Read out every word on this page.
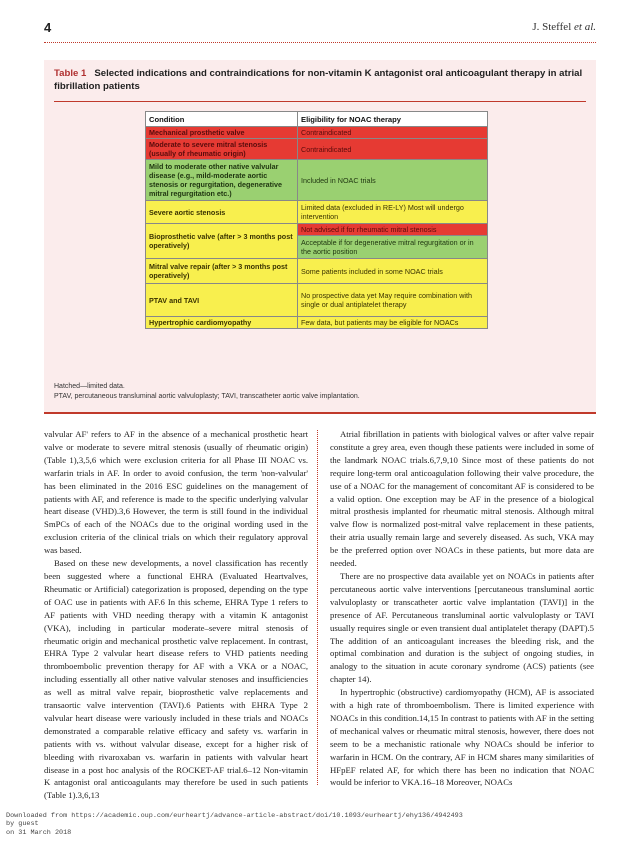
4	J. Steffel et al.
Table 1 Selected indications and contraindications for non-vitamin K antagonist oral anticoagulant therapy in atrial fibrillation patients
Condition	Eligibility for NOAC therapy
Mechanical prosthetic valve	Contraindicated
Moderate to severe mitral stenosis (usually of rheumatic origin)	Contraindicated
Mild to moderate other native valvular disease (e.g., mild-moderate aortic stenosis or regurgitation, degenerative mitral regurgitation etc.)	Included in NOAC trials
Severe aortic stenosis	Limited data (excluded in RE-LY) Most will undergo intervention
Bioprosthetic valve (after > 3 months post operatively)	Not advised if for rheumatic mitral stenosis
	Acceptable if for degenerative mitral regurgitation or in the aortic position
Mitral valve repair (after > 3 months post operatively)	Some patients included in some NOAC trials
PTAV and TAVI	No prospective data yet May require combination with single or dual antiplatelet therapy
Hypertrophic cardiomyopathy	Few data, but patients may be eligible for NOACs
Hatched—limited data.
PTAV, percutaneous transluminal aortic valvuloplasty; TAVI, transcatheter aortic valve implantation.

valvular AF' refers to AF in the absence of a mechanical prosthetic heart valve or moderate to severe mitral stenosis (usually of rheumatic origin) (Table 1),3,5,6 which were exclusion criteria for all Phase III NOAC vs. warfarin trials in AF. In order to avoid confusion, the term 'non-valvular' has been eliminated in the 2016 ESC guidelines on the management of patients with AF, and reference is made to the specific underlying valvular heart disease (VHD).3,6 However, the term is still found in the individual SmPCs of each of the NOACs due to the original wording used in the exclusion criteria of the clinical trials on which their regulatory approval was based.

Based on these new developments, a novel classification has recently been suggested where a functional EHRA (Evaluated Heartvalves, Rheumatic or Artificial) categorization is proposed, depending on the type of OAC use in patients with AF.6 In this scheme, EHRA Type 1 refers to AF patients with VHD needing therapy with a vitamin K antagonist (VKA), including in particular moderate–severe mitral stenosis of rheumatic origin and mechanical prosthetic valve replacement. In contrast, EHRA Type 2 valvular heart disease refers to VHD patients needing thromboembolic prevention therapy for AF with a VKA or a NOAC, including essentially all other native valvular stenoses and insufficiencies as well as mitral valve repair, bioprosthetic valve replacements and transaortic valve intervention (TAVI).6 Patients with EHRA Type 2 valvular heart disease were variously included in these trials and NOACs demonstrated a comparable relative efficacy and safety vs. warfarin in patients with vs. without valvular disease, except for a higher risk of bleeding with rivaroxaban vs. warfarin in patients with valvular heart disease in a post hoc analysis of the ROCKET-AF trial.6–12 Non-vitamin K antagonist oral anticoagulants may therefore be used in such patients (Table 1).3,6,13

Atrial fibrillation in patients with biological valves or after valve repair constitute a grey area, even though these patients were included in some of the landmark NOAC trials.6,7,9,10 Since most of these patients do not require long-term oral anticoagulation following their valve procedure, the use of a NOAC for the management of concomitant AF is considered to be a valid option. One exception may be AF in the presence of a biological mitral prosthesis implanted for rheumatic mitral stenosis. Although mitral valve flow is normalized post-mitral valve replacement in these patients, their atria usually remain large and severely diseased. As such, VKA may be the preferred option over NOACs in these patients, but more data are needed.

There are no prospective data available yet on NOACs in patients after percutaneous aortic valve interventions [percutaneous transluminal aortic valvuloplasty or transcatheter aortic valve implantation (TAVI)] in the presence of AF. Percutaneous transluminal aortic valvuloplasty or TAVI usually requires single or even transient dual antiplatelet therapy (DAPT).5 The addition of an anticoagulant increases the bleeding risk, and the optimal combination and duration is the subject of ongoing studies, in analogy to the situation in acute coronary syndrome (ACS) patients (see chapter 14).

In hypertrophic (obstructive) cardiomyopathy (HCM), AF is associated with a high rate of thromboembolism. There is limited experience with NOACs in this condition.14,15 In contrast to patients with AF in the setting of mechanical valves or rheumatic mitral stenosis, however, there does not seem to be a mechanistic rationale why NOACs should be inferior to warfarin in HCM. On the contrary, AF in HCM shares many similarities of HFpEF related AF, for which there has been no indication that NOAC would be inferior to VKA.16–18 Moreover, NOACs

Downloaded from https://academic.oup.com/eurheartj/advance-article-abstract/doi/10.1093/eurheartj/ehy136/4942493
by guest
on 31 March 2018
